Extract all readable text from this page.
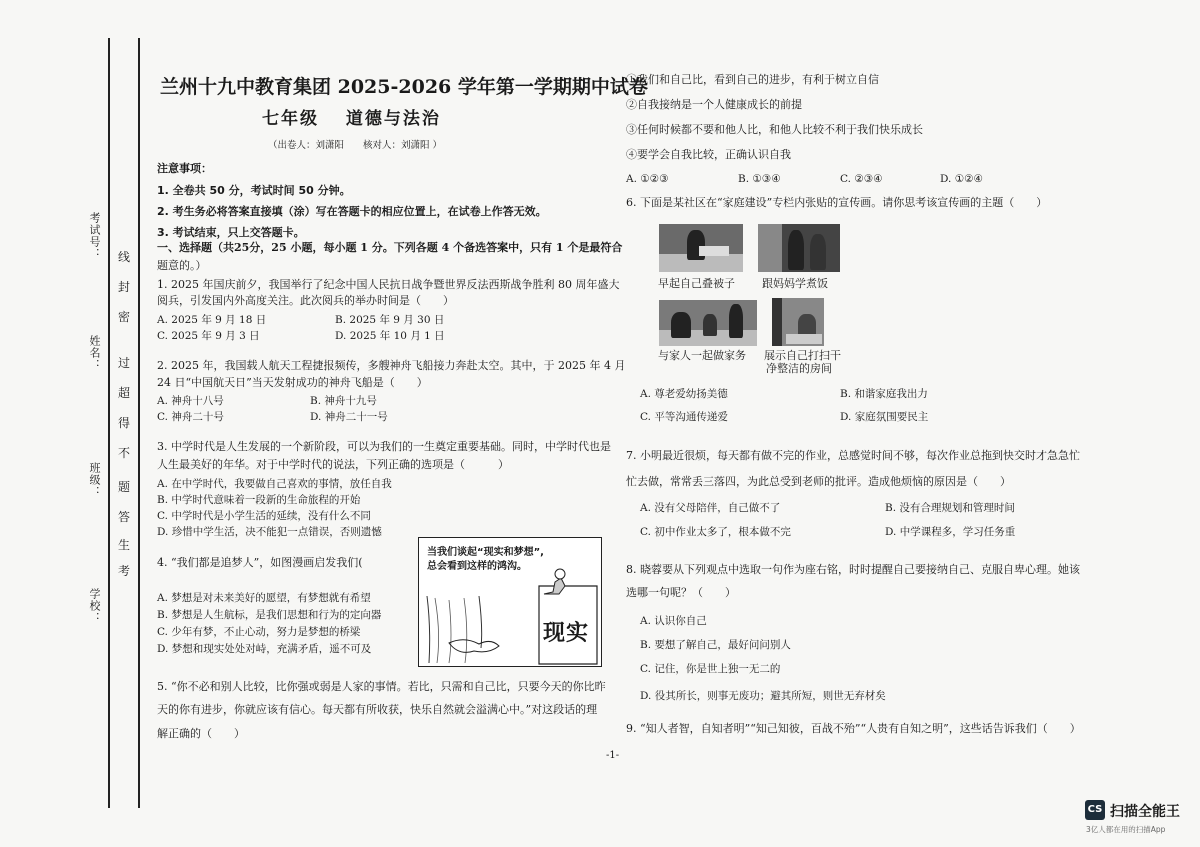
考试号：
姓名：
班级：
学校：
线
封
密
过
超
得
不
题
答
生
考
兰州十九中教育集团 2025-2026 学年第一学期期中试卷
七年级　 道德与法治
（出卷人：刘潇阳　　核对人：刘潇阳 ）
注意事项：
1. 全卷共 50 分，考试时间 50 分钟。
2. 考生务必将答案直接填（涂）写在答题卡的相应位置上，在试卷上作答无效。
3. 考试结束，只上交答题卡。
一、选择题（共25分，25 小题，每小题 1 分。下列各题 4 个备选答案中，只有 1 个是最符合
题意的。）
1. 2025 年国庆前夕，我国举行了纪念中国人民抗日战争暨世界反法西斯战争胜利 80 周年盛大
阅兵，引发国内外高度关注。此次阅兵的举办时间是（　　）
A. 2025 年 9 月 18 日	B. 2025 年 9 月 30 日
C. 2025 年 9 月 3 日	D. 2025 年 10 月 1 日
2. 2025 年，我国载人航天工程捷报频传，多艘神舟飞船接力奔赴太空。其中，于 2025 年 4 月
24 日“中国航天日”当天发射成功的神舟飞船是（　　）
A. 神舟十八号	B. 神舟十九号
C. 神舟二十号	D. 神舟二十一号
3. 中学时代是人生发展的一个新阶段，可以为我们的一生奠定重要基础。同时，中学时代也是
人生最美好的年华。对于中学时代的说法，下列正确的选项是（　　　）
A. 在中学时代，我要做自己喜欢的事情，放任自我
B. 中学时代意味着一段新的生命旅程的开始
C. 中学时代是小学生活的延续，没有什么不同
D. 珍惜中学生活，决不能犯一点错误，否则遗憾
4. “我们都是追梦人”，如图漫画启发我们(　
A. 梦想是对未来美好的愿望，有梦想就有希望
B. 梦想是人生航标，是我们思想和行为的定向器
C. 少年有梦，不止心动，努力是梦想的桥梁
D. 梦想和现实处处对峙，充满矛盾，遥不可及
当我们谈起“现实和梦想”,
总会看到这样的鸿沟。
现实
5. “你不必和别人比较，比你强或弱是人家的事情。若比，只需和自己比，只要今天的你比昨
天的你有进步，你就应该有信心。每天都有所收获，快乐自然就会溢满心中。”对这段话的理
解正确的（　　）
①我们和自己比，看到自己的进步，有利于树立自信
②自我接纳是一个人健康成长的前提
③任何时候都不要和他人比，和他人比较不利于我们快乐成长
④要学会自我比较，正确认识自我
A. ①②③	B. ①③④	C. ②③④	D. ①②④
6. 下面是某社区在“家庭建设”专栏内张贴的宣传画。请你思考该宣传画的主题（　　）
早起自己叠被子 跟妈妈学煮饭
与家人一起做家务 展示自己打扫干
净整洁的房间
A. 尊老爱幼扬美德	B. 和谐家庭我出力
C. 平等沟通传递爱	D. 家庭氛围要民主
7. 小明最近很烦，每天都有做不完的作业，总感觉时间不够，每次作业总拖到快交时才急急忙
忙去做，常常丢三落四，为此总受到老师的批评。造成他烦恼的原因是（　　）
A. 没有父母陪伴，自己做不了	B. 没有合理规划和管理时间
C. 初中作业太多了，根本做不完	D. 中学课程多，学习任务重
8. 晓蓉要从下列观点中选取一句作为座右铭，时时提醒自己要接纳自己、克服自卑心理。她该
选哪一句呢？（　　）
A. 认识你自己
B. 要想了解自己，最好问问别人
C. 记住，你是世上独一无二的
D. 役其所长，则事无废功；避其所短，则世无弃材矣
9. “知人者智，自知者明”“知己知彼，百战不殆”“人贵有自知之明”，这些话告诉我们（　　）
-1-
CS 扫描全能王
3亿人都在用的扫描App
